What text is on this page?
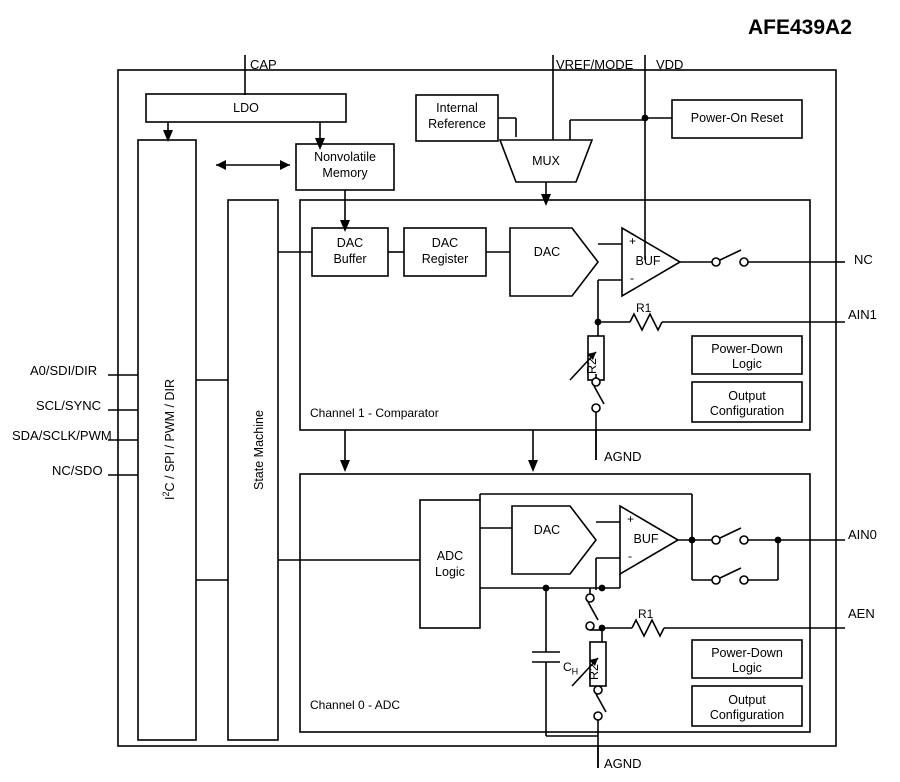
AFE439A2
CAP	VREF/MODE VDD
NC
AIN1
AIN0
AEN
A0/SDI/DIR
SCL/SYNC
SDA/SCLK/PWM
NC/SDO
AGND
AGND
LDO	Internal
Reference	Power-On Reset
Nonvolatile
Memory
MUX
$I^2C$ / SPI / PWM / DIR	State Machine
DAC
Buffer
DAC
Register	DAC
BUF
+
-
R1
R2
Power-Down
Logic
Output
Configuration
Channel 1 - Comparator
ADC
Logic
DAC
BUF
+
-
R1
R2
$C_H$
Power-Down
Logic
Output
Configuration
Channel 0 - ADC
